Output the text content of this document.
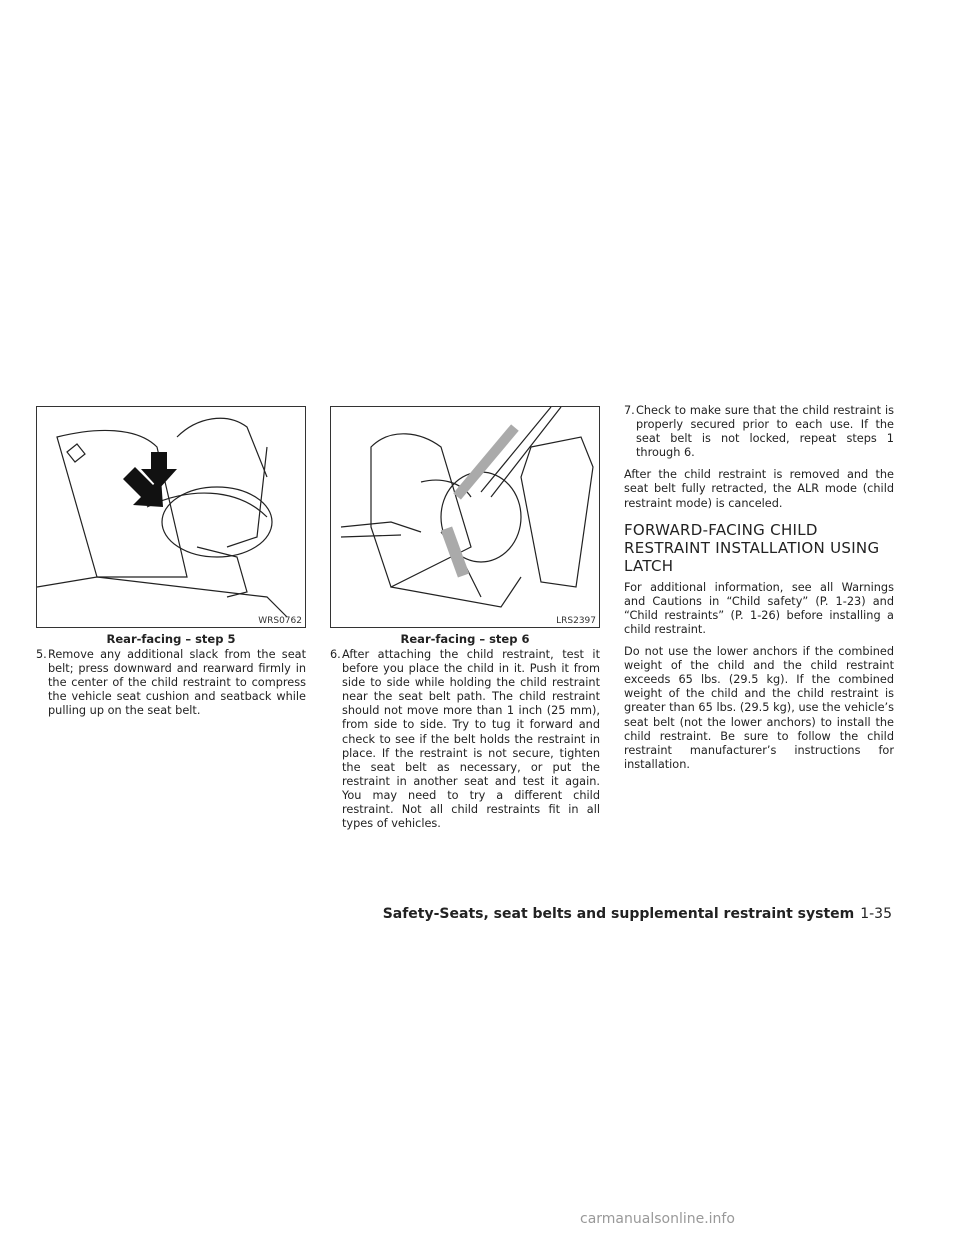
WRS0762
Rear-facing – step 5
5. Remove any additional slack from the seat belt; press downward and rearward firmly in the center of the child restraint to compress the vehicle seat cushion and seatback while pulling up on the seat belt.
LRS2397
Rear-facing – step 6
6. After attaching the child restraint, test it before you place the child in it. Push it from side to side while holding the child restraint near the seat belt path. The child restraint should not move more than 1 inch (25 mm), from side to side. Try to tug it forward and check to see if the belt holds the restraint in place. If the restraint is not secure, tighten the seat belt as necessary, or put the restraint in another seat and test it again. You may need to try a different child restraint. Not all child restraints fit in all types of vehicles.
7. Check to make sure that the child restraint is properly secured prior to each use. If the seat belt is not locked, repeat steps 1 through 6.

After the child restraint is removed and the seat belt fully retracted, the ALR mode (child restraint mode) is canceled.

FORWARD-FACING CHILD RESTRAINT INSTALLATION USING LATCH

For additional information, see all Warnings and Cautions in “Child safety” (P. 1-23) and “Child restraints” (P. 1-26) before installing a child restraint.

Do not use the lower anchors if the combined weight of the child and the child restraint exceeds 65 lbs. (29.5 kg). If the combined weight of the child and the child restraint is greater than 65 lbs. (29.5 kg), use the vehicle’s seat belt (not the lower anchors) to install the child restraint. Be sure to follow the child restraint manufacturer’s instructions for installation.

Safety-Seats, seat belts and supplemental restraint system 1-35
carmanualsonline.info
